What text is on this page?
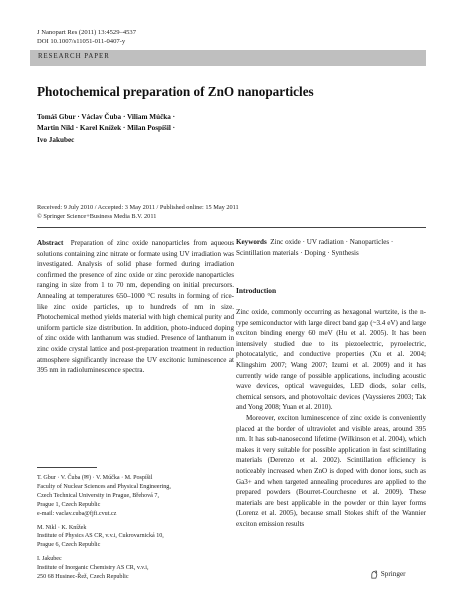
J Nanopart Res (2011) 13:4529–4537
DOI 10.1007/s11051-011-0407-y
RESEARCH PAPER
Photochemical preparation of ZnO nanoparticles
Tomáš Gbur · Václav Čuba · Viliam Múčka ·
Martin Nikl · Karel Knížek · Milan Pospíšil ·
Ivo Jakubec
Received: 9 July 2010 / Accepted: 3 May 2011 / Published online: 15 May 2011
© Springer Science+Business Media B.V. 2011

Abstract Preparation of zinc oxide nanoparticles from aqueous solutions containing zinc nitrate or formate using UV irradiation was investigated. Analysis of solid phase formed during irradiation confirmed the presence of zinc oxide or zinc peroxide nanoparticles ranging in size from 1 to 70 nm, depending on initial precursors. Annealing at temperatures 650–1000 °C results in forming of rice-like zinc oxide particles, up to hundreds of nm in size. Photochemical method yields material with high chemical purity and uniform particle size distribution. In addition, photo-induced doping of zinc oxide with lanthanum was studied. Presence of lanthanum in zinc oxide crystal lattice and post-preparation treatment in reduction atmosphere significantly increase the UV excitonic luminescence at 395 nm in radioluminescence spectra.

T. Gbur · V. Čuba (✉) · V. Múčka · M. Pospíšil
Faculty of Nuclear Sciences and Physical Engineering,
Czech Technical University in Prague, Břehová 7,
Prague 1, Czech Republic
e-mail: vaclav.cuba@fjfi.cvut.cz

M. Nikl · K. Knížek
Institute of Physics AS CR, v.v.i, Cukrovarnická 10,
Prague 6, Czech Republic

I. Jakubec
Institute of Inorganic Chemistry AS CR, v.v.i,
250 68 Husinec-Řež, Czech Republic

Keywords Zinc oxide · UV radiation · Nanoparticles · Scintillation materials · Doping · Synthesis
Introduction

Zinc oxide, commonly occurring as hexagonal wurtzite, is the n-type semiconductor with large direct band gap (~3.4 eV) and large exciton binding energy 60 meV (Hu et al. 2005). It has been intensively studied due to its piezoelectric, pyroelectric, photocatalytic, and conductive properties (Xu et al. 2004; Klingshirn 2007; Wang 2007; Izumi et al. 2009) and it has currently wide range of possible applications, including acoustic wave devices, optical waveguides, LED diods, solar cells, chemical sensors, and photovoltaic devices (Vayssieres 2003; Tak and Yong 2008; Yuan et al. 2010).

Moreover, exciton luminescence of zinc oxide is conveniently placed at the border of ultraviolet and visible areas, around 395 nm. It has sub-nanosecond lifetime (Wilkinson et al. 2004), which makes it very suitable for possible application in fast scintillating materials (Derenzo et al. 2002). Scintillation efficiency is noticeably increased when ZnO is doped with donor ions, such as Ga3+ and when targeted annealing procedures are applied to the prepared powders (Bourret-Courchesne et al. 2009). These materials are best applicable in the powder or thin layer forms (Lorenz et al. 2005), because small Stokes shift of the Wannier exciton emission results

Springer
